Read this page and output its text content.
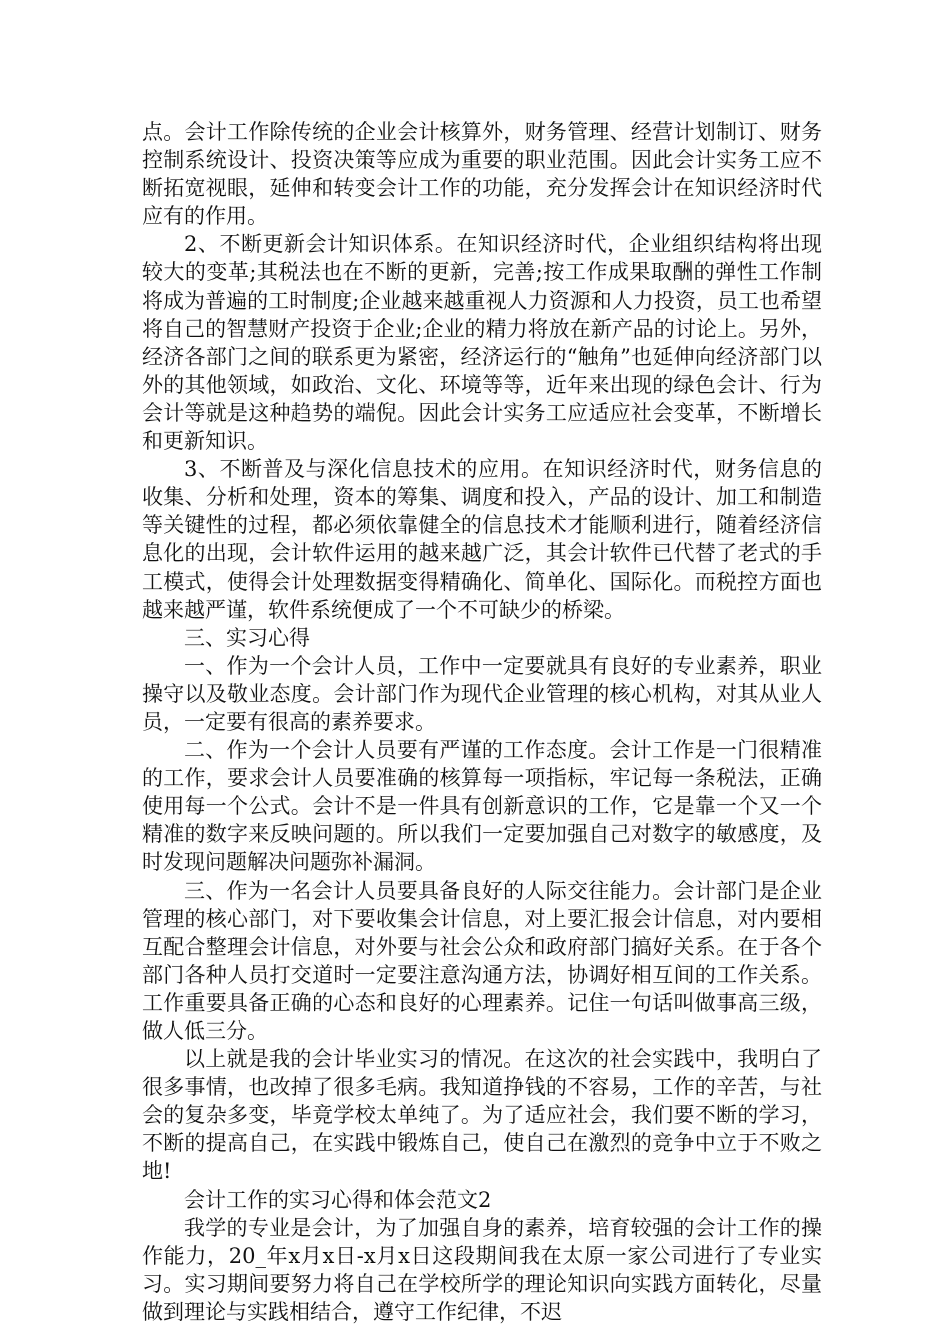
点。会计工作除传统的企业会计核算外，财务管理、经营计划制订、财务控制系统设计、投资决策等应成为重要的职业范围。因此会计实务工应不断拓宽视眼，延伸和转变会计工作的功能，充分发挥会计在知识经济时代应有的作用。

2、不断更新会计知识体系。在知识经济时代，企业组织结构将出现较大的变革;其税法也在不断的更新，完善;按工作成果取酬的弹性工作制将成为普遍的工时制度;企业越来越重视人力资源和人力投资，员工也希望将自己的智慧财产投资于企业;企业的精力将放在新产品的讨论上。另外，经济各部门之间的联系更为紧密，经济运行的“触角”也延伸向经济部门以外的其他领域，如政治、文化、环境等等，近年来出现的绿色会计、行为会计等就是这种趋势的端倪。因此会计实务工应适应社会变革，不断增长和更新知识。

3、不断普及与深化信息技术的应用。在知识经济时代，财务信息的收集、分析和处理，资本的筹集、调度和投入，产品的设计、加工和制造等关键性的过程，都必须依靠健全的信息技术才能顺利进行，随着经济信息化的出现，会计软件运用的越来越广泛，其会计软件已代替了老式的手工模式，使得会计处理数据变得精确化、简单化、国际化。而税控方面也越来越严谨，软件系统便成了一个不可缺少的桥梁。

三、实习心得

一、作为一个会计人员，工作中一定要就具有良好的专业素养，职业操守以及敬业态度。会计部门作为现代企业管理的核心机构，对其从业人员，一定要有很高的素养要求。

二、作为一个会计人员要有严谨的工作态度。会计工作是一门很精准的工作，要求会计人员要准确的核算每一项指标，牢记每一条税法，正确使用每一个公式。会计不是一件具有创新意识的工作，它是靠一个又一个精准的数字来反映问题的。所以我们一定要加强自己对数字的敏感度，及时发现问题解决问题弥补漏洞。

三、作为一名会计人员要具备良好的人际交往能力。会计部门是企业管理的核心部门，对下要收集会计信息，对上要汇报会计信息，对内要相互配合整理会计信息，对外要与社会公众和政府部门搞好关系。在于各个部门各种人员打交道时一定要注意沟通方法，协调好相互间的工作关系。工作重要具备正确的心态和良好的心理素养。记住一句话叫做事高三级，做人低三分。

以上就是我的会计毕业实习的情况。在这次的社会实践中，我明白了很多事情，也改掉了很多毛病。我知道挣钱的不容易，工作的辛苦，与社会的复杂多变，毕竟学校太单纯了。为了适应社会，我们要不断的学习，不断的提高自己，在实践中锻炼自己，使自己在激烈的竞争中立于不败之地!

会计工作的实习心得和体会范文2

我学的专业是会计，为了加强自身的素养，培育较强的会计工作的操作能力，20_年x月x日-x月x日这段期间我在太原一家公司进行了专业实习。实习期间要努力将自己在学校所学的理论知识向实践方面转化，尽量做到理论与实践相结合，遵守工作纪律，不迟
